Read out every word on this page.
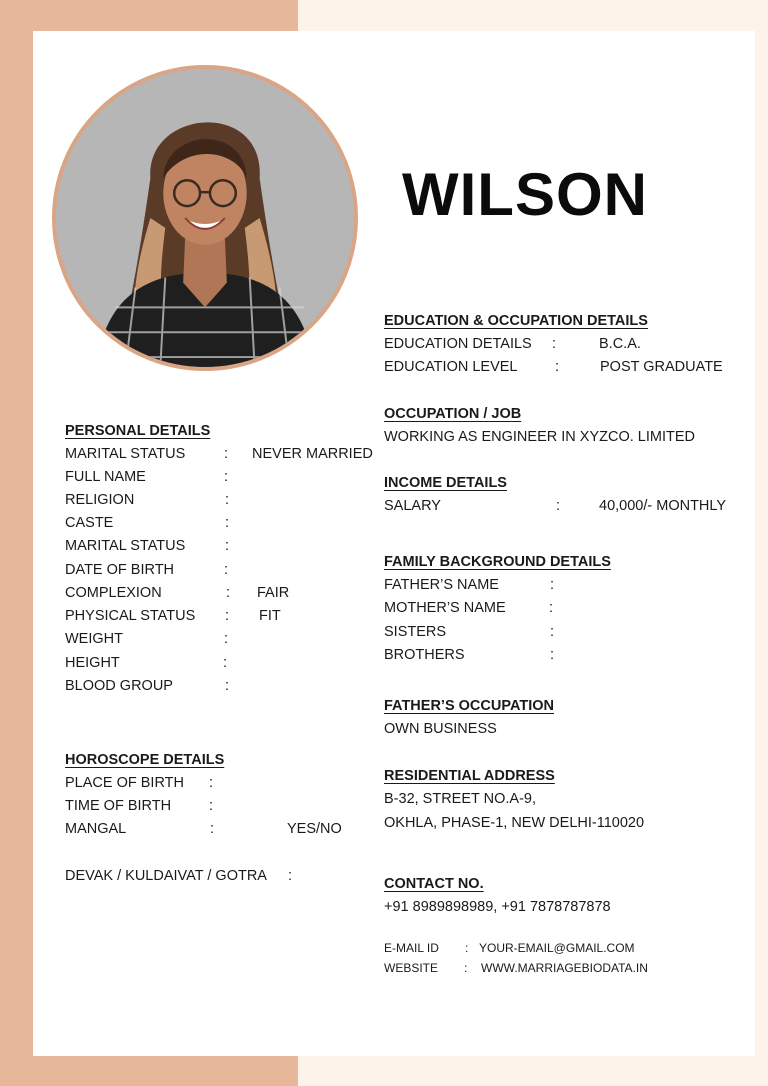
WILSON
EDUCATION & OCCUPATION DETAILS
EDUCATION DETAILS :	B.C.A.
EDUCATION LEVEL	:	POST GRADUATE
OCCUPATION / JOB
WORKING AS ENGINEER IN XYZCO. LIMITED
INCOME DETAILS
SALARY	:	40,000/- MONTHLY
FAMILY BACKGROUND DETAILS
FATHER’S NAME	:
MOTHER’S NAME	:
SISTERS	:
BROTHERS	:
FATHER’S OCCUPATION
OWN BUSINESS
RESIDENTIAL ADDRESS
B-32, STREET NO.A-9,
OKHLA, PHASE-1, NEW DELHI-110020
CONTACT NO.
+91 8989898989, +91 7878787878
E-MAIL ID : YOUR-EMAIL@GMAIL.COM
WEBSITE : WWW.MARRIAGEBIODATA.IN
PERSONAL DETAILS
MARITAL STATUS	: NEVER MARRIED
FULL NAME	:
RELIGION	:
CASTE	:
MARITAL STATUS	:
DATE OF BIRTH	:
COMPLEXION	: FAIR
PHYSICAL STATUS : FIT
WEIGHT	:
HEIGHT	:
BLOOD GROUP	:
HOROSCOPE DETAILS
PLACE OF BIRTH :
TIME OF BIRTH	:
MANGAL	:	YES/NO
DEVAK / KULDAIVAT / GOTRA :
